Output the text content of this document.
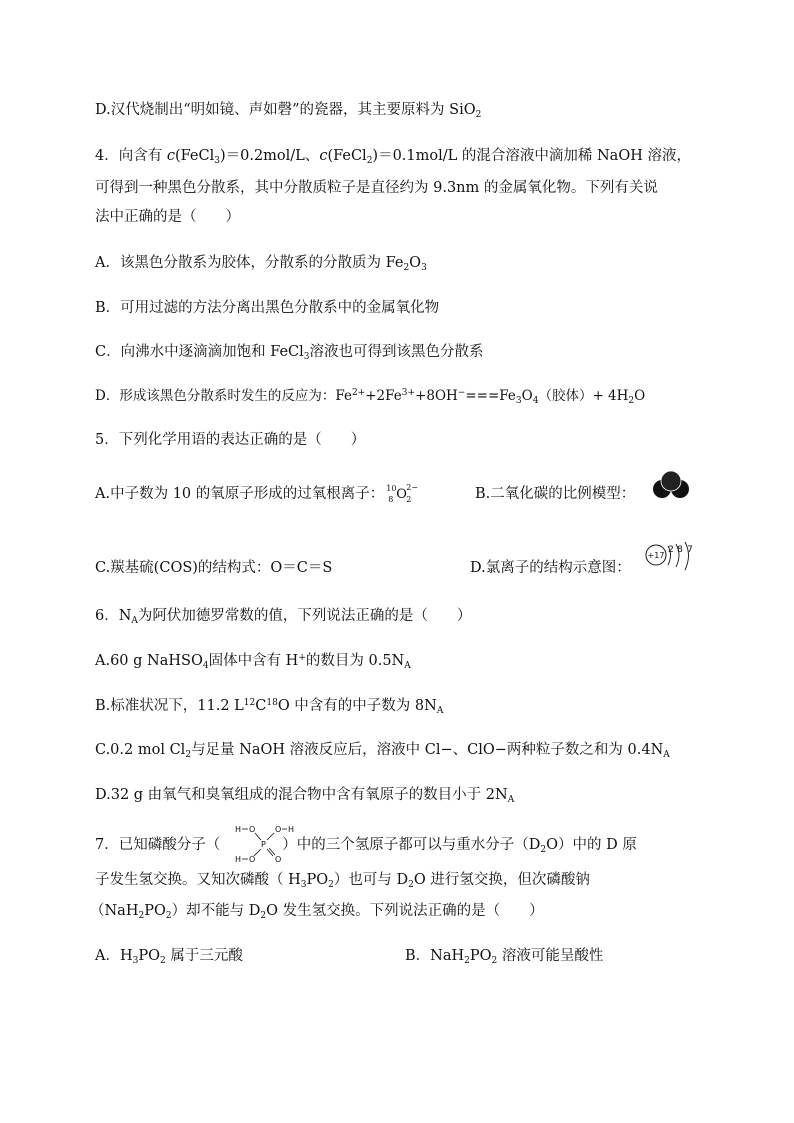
D.汉代烧制出“明如镜、声如磬”的瓷器，其主要原料为 SiO$_2$
4．向含有 c(FeCl$_3$)＝0.2mol/L、c(FeCl$_2$)＝0.1mol/L 的混合溶液中滴加稀 NaOH 溶液，
可得到一种黑色分散系，其中分散质粒子是直径约为 9.3nm 的金属氧化物。下列有关说
法中正确的是（　　）
A．该黑色分散系为胶体，分散系的分散质为 $Fe_2O_3$
B．可用过滤的方法分离出黑色分散系中的金属氧化物
C．向沸水中逐滴滴加饱和 FeCl$_3$溶液也可得到该黑色分散系
D．形成该黑色分散系时发生的反应为：$Fe^{2+}+2Fe^{3+}+8OH^-===Fe_3O_4$（胶体）+ $4H_2O$
5．下列化学用语的表达正确的是（　　）
A.中子数为 10 的氧原子形成的过氧根离子： 10
8 O 2−
2	B.二氧化碳的比例模型：
C.羰基硫(COS)的结构式：O＝C＝S	D.氯离子的结构示意图：
+17
2 8 7
6．$N_A$为阿伏加德罗常数的值，下列说法正确的是（　　）
A.60 g NaHSO$_4$固体中含有 H+的数目为 $0.5N_A$
B.标准状况下，11.2 $L^{12}C^{18}O$ 中含有的中子数为 $8N_A$
C.0.2 mol $Cl_2$与足量 NaOH 溶液反应后，溶液中 Cl−、ClO−两种粒子数之和为 $0.4N_A$
D.32 g 由氧气和臭氧组成的混合物中含有氧原子的数目小于 $2N_A$
7．已知磷酸分子（	）中的三个氢原子都可以与重水分子$(D_2O)$中的 D 原
H O O H
P
H O O
子发生氢交换。又知次磷酸（ $H_3PO_2$）也可与 $D_2O$ 进行氢交换，但次磷酸钠
$(NaH_2PO_2)$却不能与 $D_2O$ 发生氢交换。下列说法正确的是（　　）
A．$H_3PO_2$ 属于三元酸	B．$NaH_2PO_2$ 溶液可能呈酸性
